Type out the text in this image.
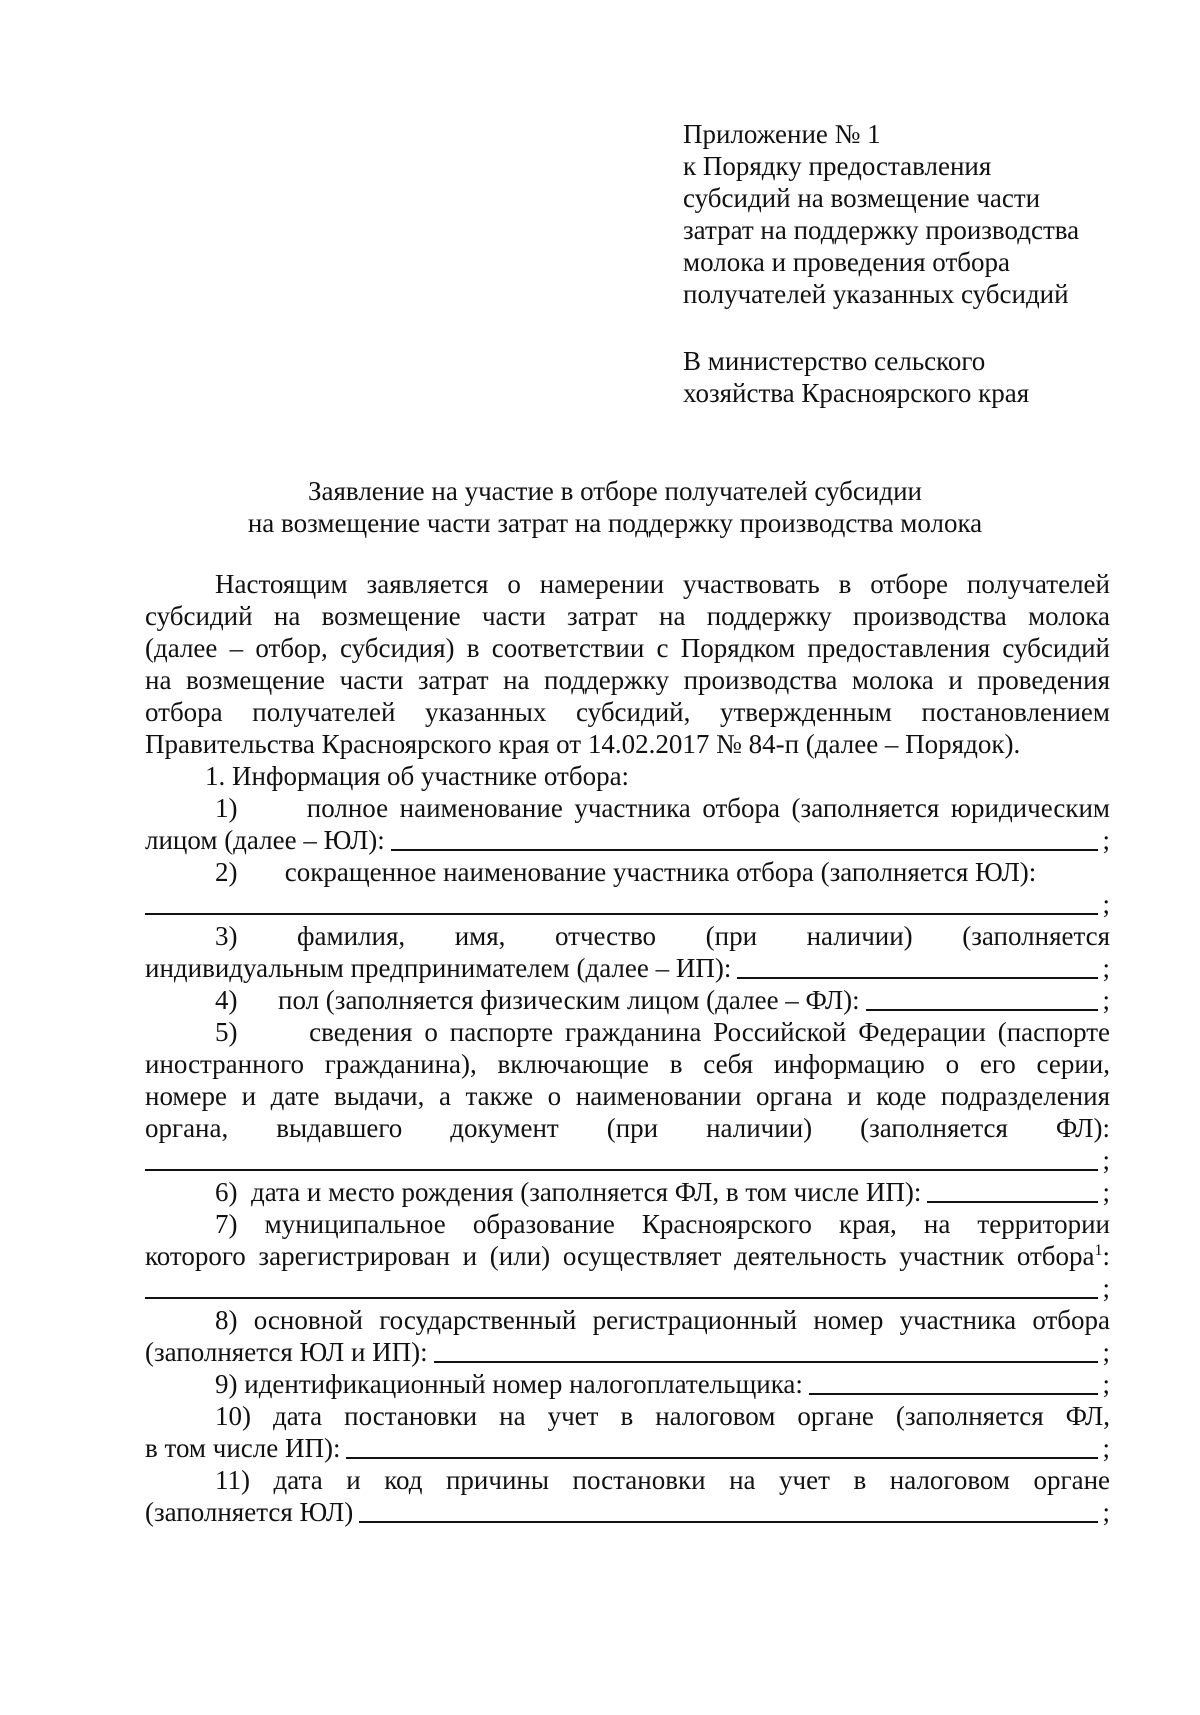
Приложение № 1
к Порядку предоставления
субсидий на возмещение части
затрат на поддержку производства
молока и проведения отбора
получателей указанных субсидий
В министерство сельского
хозяйства Красноярского края
Заявление на участие в отборе получателей субсидии
на возмещение части затрат на поддержку производства молока
Настоящим заявляется о намерении участвовать в отборе получателей
субсидий на возмещение части затрат на поддержку производства молока
(далее – отбор, субсидия) в соответствии с Порядком предоставления субсидий
на возмещение части затрат на поддержку производства молока и проведения
отбора получателей указанных субсидий, утвержденным постановлением
Правительства Красноярского края от 14.02.2017 № 84-п (далее – Порядок).
1. Информация об участнике отбора:
1)      полное наименование участника отбора (заполняется юридическим
лицом (далее – ЮЛ):	;
2)       сокращенное наименование участника отбора (заполняется ЮЛ):
;
3)      фамилия,     имя,     отчество     (при     наличии)     (заполняется
индивидуальным предпринимателем (далее – ИП):	;
4)      пол (заполняется физическим лицом (далее – ФЛ):	;
5)      сведения о паспорте гражданина Российской Федерации (паспорте
иностранного гражданина), включающие в себя информацию о его серии,
номере и дате выдачи, а также о наименовании органа и коде подразделения
органа,     выдавшего     документ     (при     наличии)     (заполняется     ФЛ):
;
6)  дата и место рождения (заполняется ФЛ, в том числе ИП):	;
7) муниципальное образование Красноярского края, на территории
которого зарегистрирован и (или) осуществляет деятельность участник отбора$^1$:
;
8) основной государственный регистрационный номер участника отбора
(заполняется ЮЛ и ИП):	;
9) идентификационный номер налогоплательщика:	;
10) дата постановки на учет в налоговом органе (заполняется ФЛ,
в том числе ИП):	;
11) дата и код причины постановки на учет в налоговом органе
(заполняется ЮЛ)	;
